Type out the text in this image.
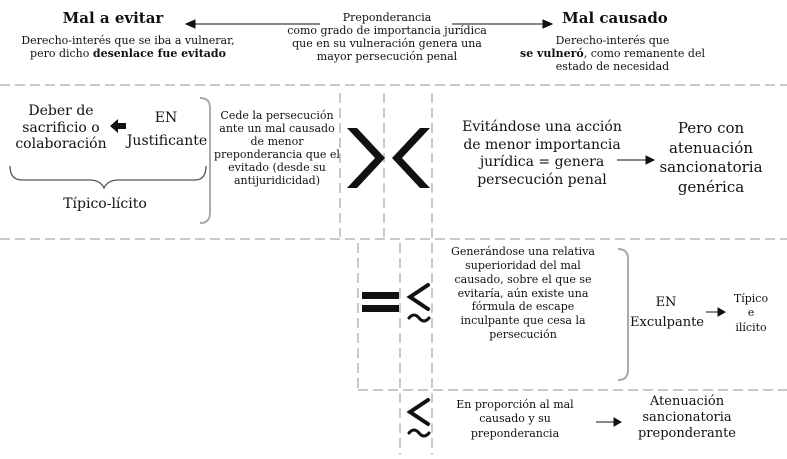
Mal a evitar
Derecho-interés que se iba a vulnerar,
pero dicho desenlace fue evitado
Preponderancia
como grado de importancia jurídica
que en su vulneración genera una
mayor persecución penal
Mal causado
Derecho-interés que
se vulneró, como remanente del
estado de necesidad
Deber de
sacrificio o
colaboración
EN
Justificante
Típico-lícito
Cede la persecución
ante un mal causado
de menor
preponderancia que el
evitado (desde su
antijuridicidad)
Evitándose una acción
de menor importancia
jurídica = genera
persecución penal
Pero con
atenuación
sancionatoria
genérica
Generándose una relativa
superioridad del mal
causado, sobre el que se
evitaría, aún existe una
fórmula de escape
inculpante que cesa la
persecución
EN
Exculpante
Típico
e
ilícito
En proporción al mal
causado y su
preponderancia
Atenuación
sancionatoria
preponderante
